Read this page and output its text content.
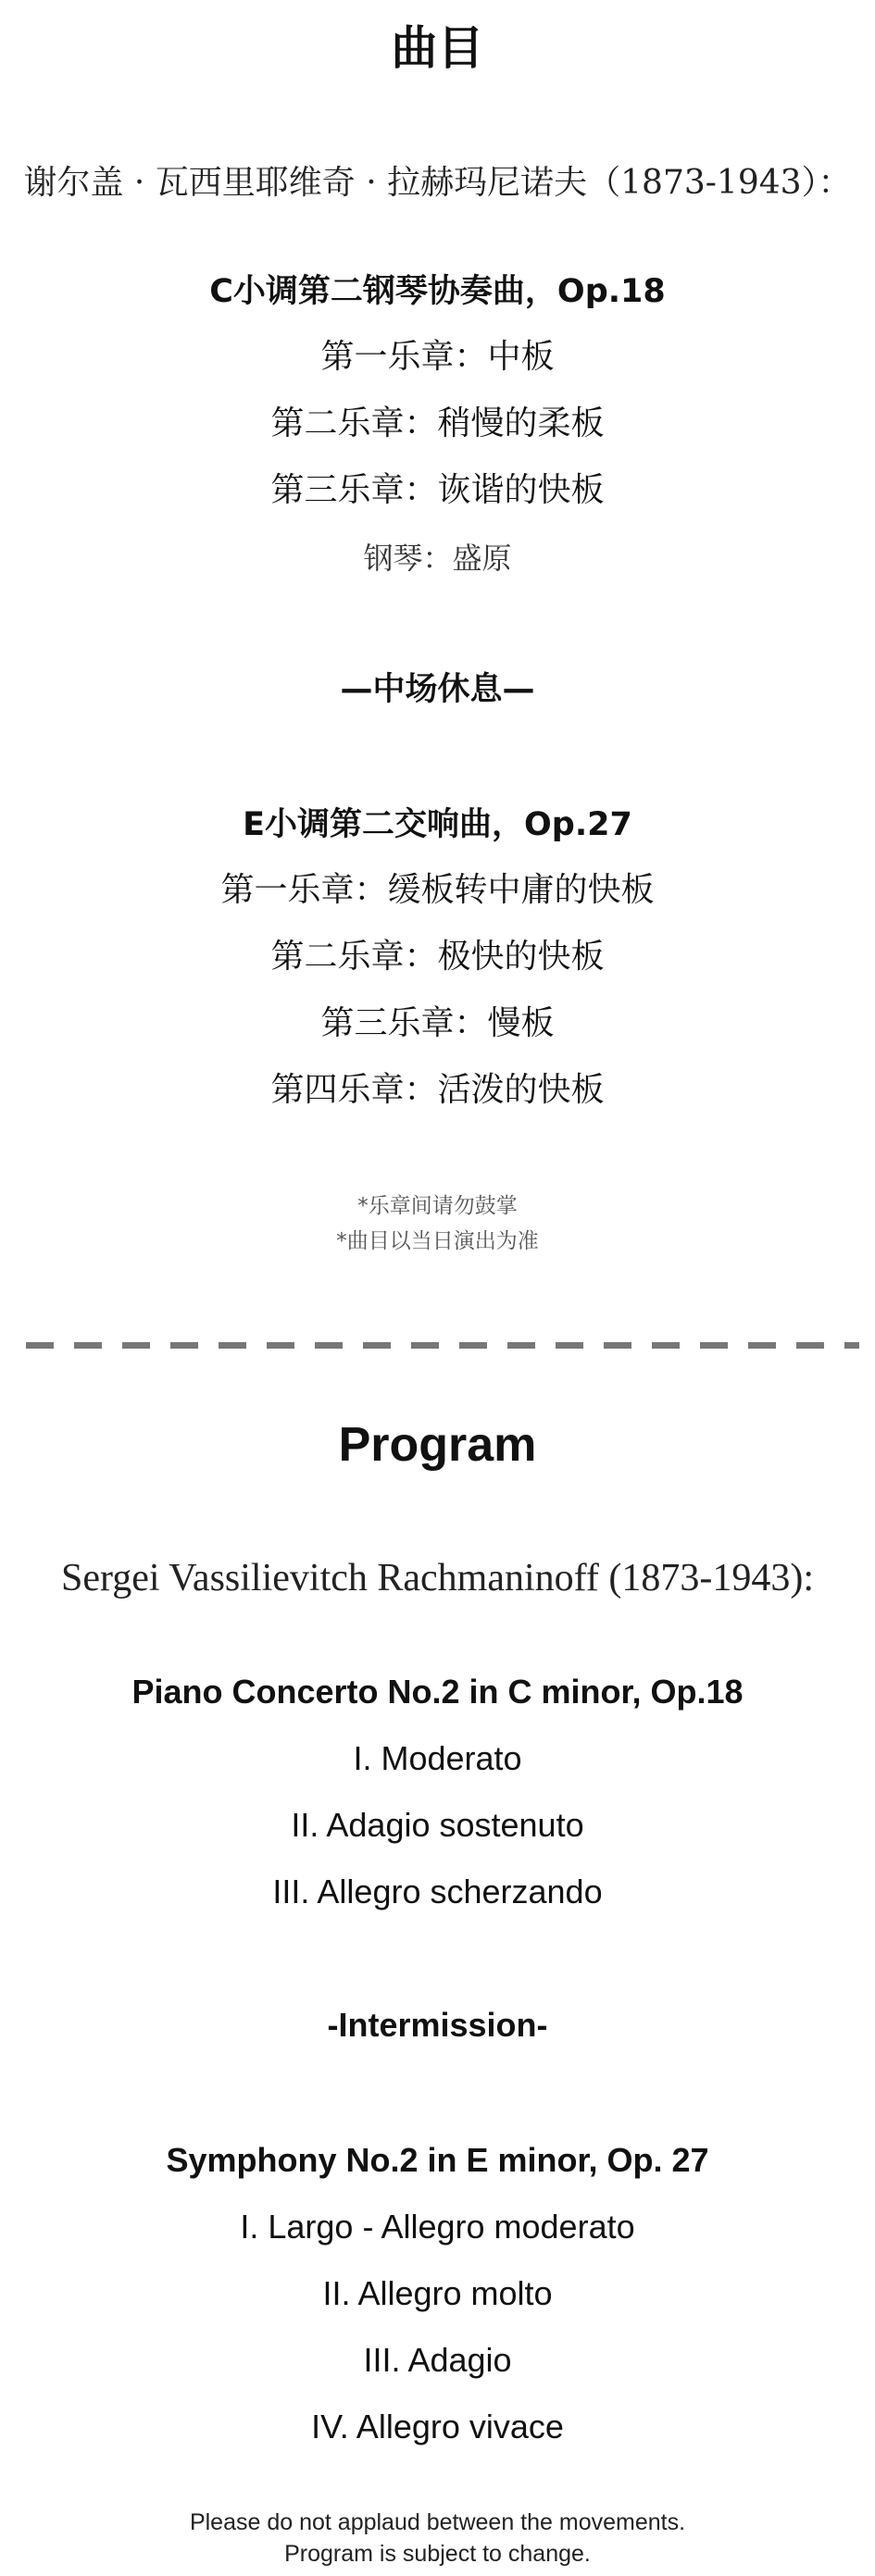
曲目
谢尔盖 · 瓦西里耶维奇 · 拉赫玛尼诺夫（1873-1943）：
C小调第二钢琴协奏曲，Op.18
第一乐章：中板
第二乐章：稍慢的柔板
第三乐章：诙谐的快板
钢琴：盛原
—中场休息—
E小调第二交响曲，Op.27
第一乐章：缓板转中庸的快板
第二乐章：极快的快板
第三乐章：慢板
第四乐章：活泼的快板
*乐章间请勿鼓掌
*曲目以当日演出为准
Program
Sergei Vassilievitch Rachmaninoff (1873-1943):
Piano Concerto No.2 in C minor, Op.18
I. Moderato
II. Adagio sostenuto
III. Allegro scherzando
-Intermission-
Symphony No.2 in E minor, Op. 27
I. Largo - Allegro moderato
II. Allegro molto
III. Adagio
IV. Allegro vivace
Please do not applaud between the movements.
Program is subject to change.
